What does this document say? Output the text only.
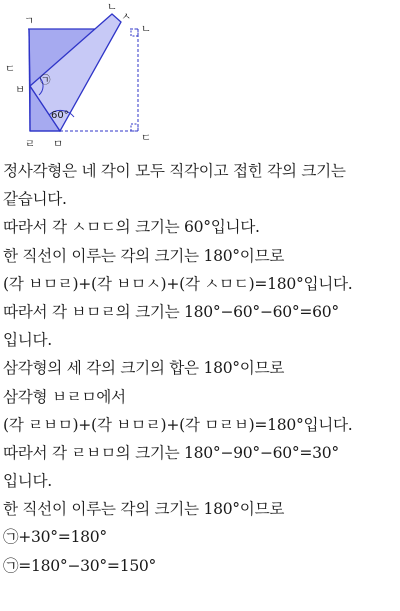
ㄱ
ㄴ
ㅅ
ㄴ
ㄷ
ㅂ
ㄹ ㅁ	ㄷ
㉠
60°
정사각형은 네 각이 모두 직각이고 접힌 각의 크기는
같습니다.
따라서 각 ㅅㅁㄷ의 크기는 60°입니다.
한 직선이 이루는 각의 크기는 180°이므로
(각 ㅂㅁㄹ)+(각 ㅂㅁㅅ)+(각 ㅅㅁㄷ)=180°입니다.
따라서 각 ㅂㅁㄹ의 크기는 180°−60°−60°=60°
입니다.
삼각형의 세 각의 크기의 합은 180°이므로
삼각형 ㅂㄹㅁ에서
(각 ㄹㅂㅁ)+(각 ㅂㅁㄹ)+(각 ㅁㄹㅂ)=180°입니다.
따라서 각 ㄹㅂㅁ의 크기는 180°−90°−60°=30°
입니다.
한 직선이 이루는 각의 크기는 180°이므로
㉠+30°=180°
㉠=180°−30°=150°
